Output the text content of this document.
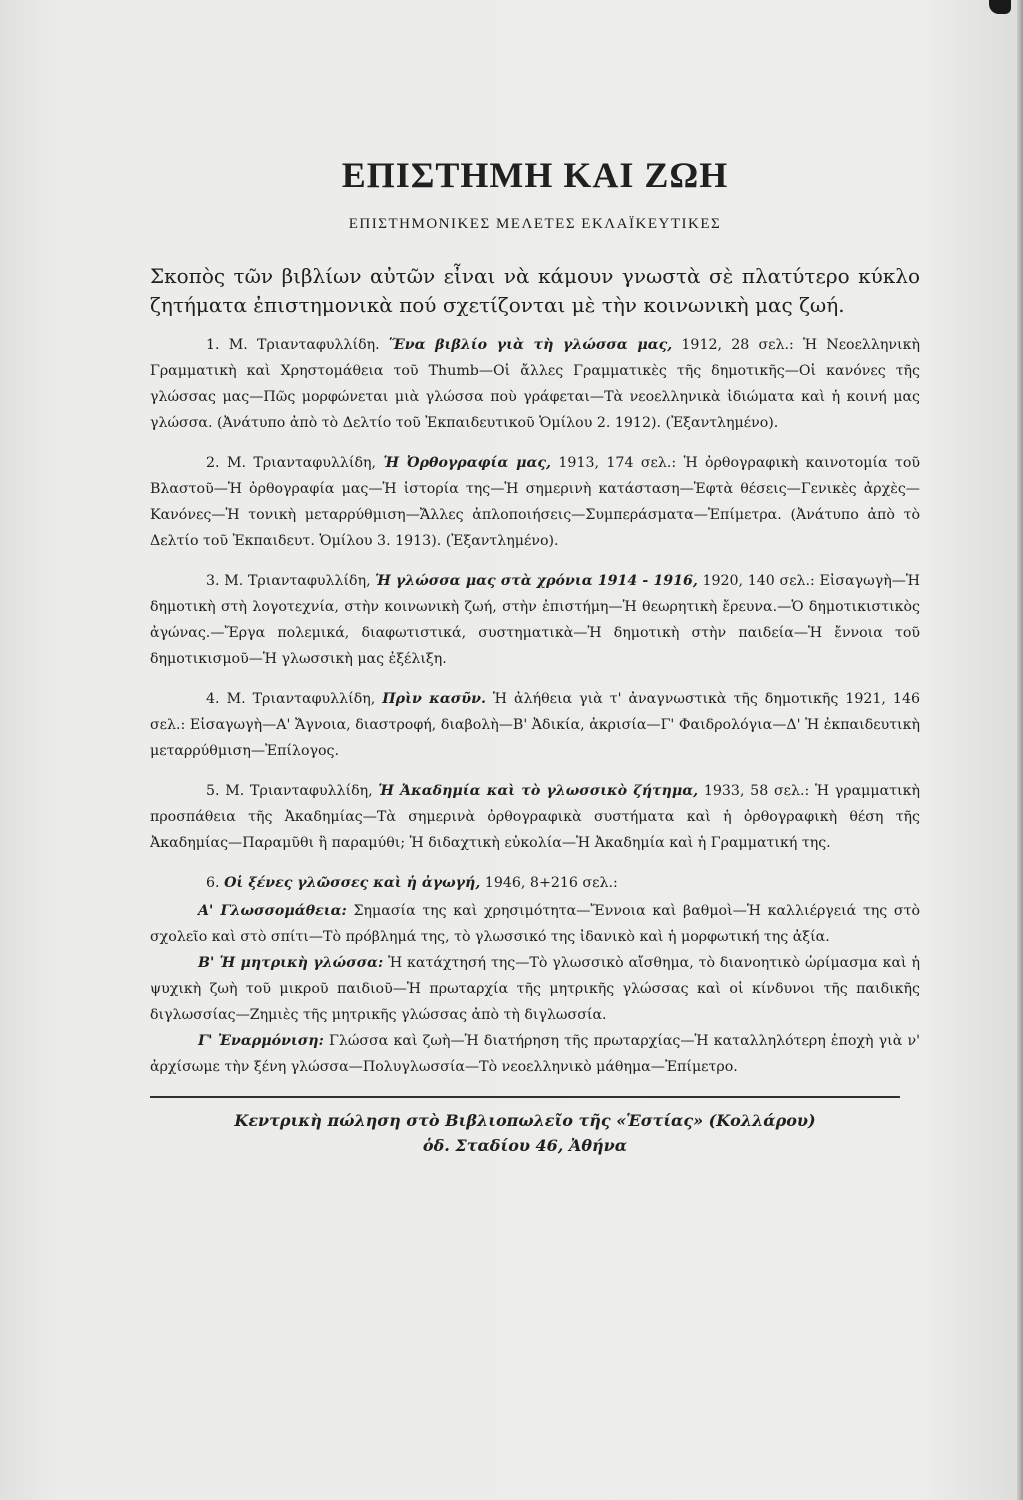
ΕΠΙΣΤΗΜΗ ΚΑΙ ΖΩΗ
ΕΠΙΣΤΗΜΟΝΙΚΕΣ ΜΕΛΕΤΕΣ ΕΚΛΑΪΚΕΥΤΙΚΕΣ

Σκοπὸς τῶν βιβλίων αὐτῶν εἶναι νὰ κάμουν γνωστὰ σὲ πλατύτερο κύκλο ζητήματα ἐπιστημονικὰ πού σχετίζονται μὲ τὴν κοινωνικὴ μας ζωή.

1. Μ. Τριανταφυλλίδη. Ἕνα βιβλίο γιὰ τὴ γλώσσα μας, 1912, 28 σελ.: Ἡ Νεοελληνικὴ Γραμματικὴ καὶ Χρηστομάθεια τοῦ Thumb—Οἱ ἄλλες Γραμματικὲς τῆς δημοτικῆς—Οἱ κανόνες τῆς γλώσσας μας—Πῶς μορφώνεται μιὰ γλώσσα ποὺ γράφεται—Τὰ νεοελληνικὰ ἰδιώματα καὶ ἡ κοινή μας γλώσσα. (Ἀνάτυπο ἀπὸ τὸ Δελτίο τοῦ Ἐκπαιδευτικοῦ Ὁμίλου 2. 1912). (Ἐξαντλημένο).

2. Μ. Τριανταφυλλίδη, Ἡ Ὀρθογραφία μας, 1913, 174 σελ.: Ἡ ὀρθογραφικὴ καινοτομία τοῦ Βλαστοῦ—Ἡ ὀρθογραφία μας—Ἡ ἱστορία της—Ἡ σημερινὴ κατάσταση—Ἑφτὰ θέσεις—Γενικὲς ἀρχὲς—Κανόνες—Ἡ τονικὴ μεταρρύθμιση—Ἄλλες ἁπλοποιήσεις—Συμπεράσματα—Ἐπίμετρα. (Ἀνάτυπο ἀπὸ τὸ Δελτίο τοῦ Ἐκπαιδευτ. Ὁμίλου 3. 1913). (Ἐξαντλημένο).

3. Μ. Τριανταφυλλίδη, Ἡ γλώσσα μας στὰ χρόνια 1914 - 1916, 1920, 140 σελ.: Εἰσαγωγὴ—Ἡ δημοτικὴ στὴ λογοτεχνία, στὴν κοινωνικὴ ζωή, στὴν ἐπιστήμη—Ἡ θεωρητικὴ ἔρευνα.—Ὁ δημοτικιστικὸς ἀγώνας.—Ἔργα πολεμικά, διαφωτιστικά, συστηματικὰ—Ἡ δημοτικὴ στὴν παιδεία—Ἡ ἔννοια τοῦ δημοτικισμοῦ—Ἡ γλωσσικὴ μας ἐξέλιξη.

4. Μ. Τριανταφυλλίδη, Πρὶν κασῦν. Ἡ ἀλήθεια γιὰ τ' ἀναγνωστικὰ τῆς δημοτικῆς 1921, 146 σελ.: Εἰσαγωγὴ—Α' Ἄγνοια, διαστροφή, διαβολὴ—Β' Ἀδικία, ἀκρισία—Γ' Φαιδρολόγια—Δ' Ἡ ἐκπαιδευτικὴ μεταρρύθμιση—Ἐπίλογος.

5. Μ. Τριανταφυλλίδη, Ἡ Ἀκαδημία καὶ τὸ γλωσσικὸ ζήτημα, 1933, 58 σελ.: Ἡ γραμματικὴ προσπάθεια τῆς Ἀκαδημίας—Τὰ σημερινὰ ὀρθογραφικὰ συστήματα καὶ ἡ ὀρθογραφικὴ θέση τῆς Ἀκαδημίας—Παραμῦθι ἢ παραμύθι; Ἡ διδαχτικὴ εὐκολία—Ἡ Ἀκαδημία καὶ ἡ Γραμματική της.

6. Οἱ ξένες γλῶσσες καὶ ἡ ἀγωγή, 1946, 8+216 σελ.:

Α' Γλωσσομάθεια: Σημασία της καὶ χρησιμότητα—Ἔννοια καὶ βαθμοὶ—Ἡ καλλιέργειά της στὸ σχολεῖο καὶ στὸ σπίτι—Τὸ πρόβλημά της, τὸ γλωσσικό της ἰδανικὸ καὶ ἡ μορφωτική της ἀξία.

Β' Ἡ μητρικὴ γλώσσα: Ἡ κατάχτησή της—Τὸ γλωσσικὸ αἴσθημα, τὸ διανοητικὸ ὡρίμασμα καὶ ἡ ψυχικὴ ζωὴ τοῦ μικροῦ παιδιοῦ—Ἡ πρωταρχία τῆς μητρικῆς γλώσσας καὶ οἱ κίνδυνοι τῆς παιδικῆς διγλωσσίας—Ζημιὲς τῆς μητρικῆς γλώσσας ἀπὸ τὴ διγλωσσία.

Γ' Ἐναρμόνιση: Γλώσσα καὶ ζωὴ—Ἡ διατήρηση τῆς πρωταρχίας—Ἡ καταλληλότερη ἐποχὴ γιὰ ν' ἀρχίσωμε τὴν ξένη γλώσσα—Πολυγλωσσία—Τὸ νεοελληνικὸ μάθημα—Ἐπίμετρο.

Κεντρικὴ πώληση στὸ Βιβλιοπωλεῖο τῆς «Ἑστίας» (Κολλάρου)
ὁδ. Σταδίου 46, Ἀθήνα
